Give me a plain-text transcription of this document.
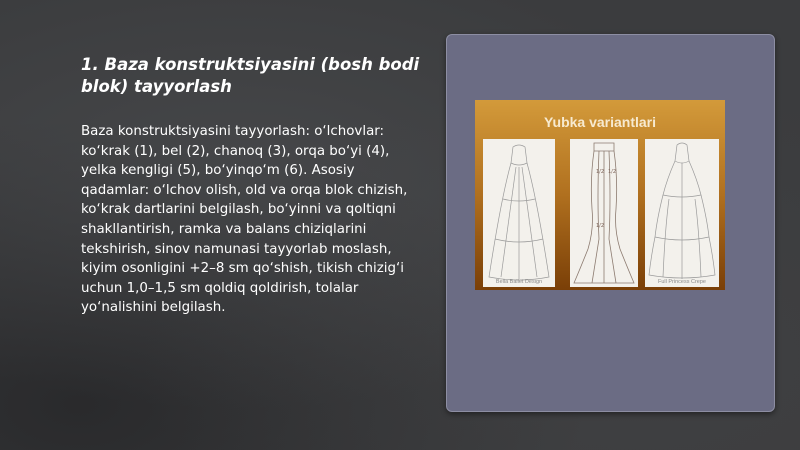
1. Baza konstruktsiyasini (bosh bodi blok) tayyorlash

Baza konstruktsiyasini tayyorlash: o‘lchovlar: ko‘krak (1), bel (2), chanoq (3), orqa bo‘yi (4), yelka kengligi (5), bo‘yinqo‘m (6). Asosiy qadamlar: o‘lchov olish, old va orqa blok chizish, ko‘krak dartlarini belgilash, bo‘yinni va qoltiqni shakllantirish, ramka va balans chiziqlarini tekshirish, sinov namunasi tayyorlab moslash, kiyim osonligini +2–8 sm qo‘shish, tikish chizig‘i uchun 1,0–1,5 sm qoldiq qoldirish, tolalar yo‘nalishini belgilash.

Yubka variantlari
Bella Ballet Design
1/2 1/2
1/2
Full Princess Crepe
